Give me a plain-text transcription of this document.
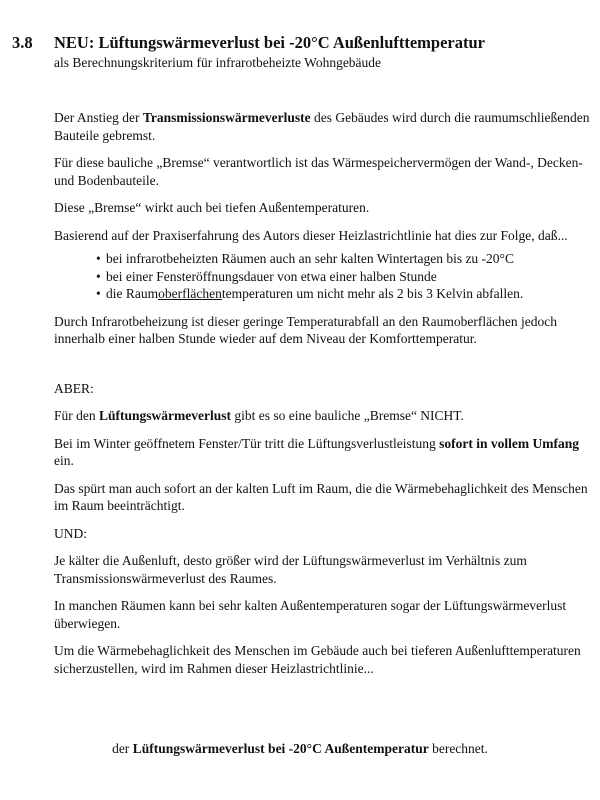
3.8 NEU: Lüftungswärmeverlust bei -20°C Außenlufttemperatur
als Berechnungskriterium für infrarotbeheizte Wohngebäude

Der Anstieg der Transmissionswärmeverluste des Gebäudes wird durch die raumumschließenden Bauteile gebremst.

Für diese bauliche „Bremse“ verantwortlich ist das Wärmespeichervermögen der Wand-, Decken- und Bodenbauteile.

Diese „Bremse“ wirkt auch bei tiefen Außentemperaturen.

Basierend auf der Praxiserfahrung des Autors dieser Heizlastrichtlinie hat dies zur Folge, daß...

• bei infrarotbeheizten Räumen auch an sehr kalten Wintertagen bis zu -20°C
• bei einer Fensteröffnungsdauer von etwa einer halben Stunde
• die Raumoberflächentemperaturen um nicht mehr als 2 bis 3 Kelvin abfallen.

Durch Infrarotbeheizung ist dieser geringe Temperaturabfall an den Raumoberflächen jedoch innerhalb einer halben Stunde wieder auf dem Niveau der Komforttemperatur.

ABER:

Für den Lüftungswärmeverlust gibt es so eine bauliche „Bremse“ NICHT.

Bei im Winter geöffnetem Fenster/Tür tritt die Lüftungsverlustleistung sofort in vollem Umfang ein.

Das spürt man auch sofort an der kalten Luft im Raum, die die Wärmebehaglichkeit des Menschen im Raum beeinträchtigt.

UND:

Je kälter die Außenluft, desto größer wird der Lüftungswärmeverlust im Verhältnis zum Transmissionswärmeverlust des Raumes.

In manchen Räumen kann bei sehr kalten Außentemperaturen sogar der Lüftungswärmeverlust überwiegen.

Um die Wärmebehaglichkeit des Menschen im Gebäude auch bei tieferen Außenlufttemperaturen sicherzustellen, wird im Rahmen dieser Heizlastrichtlinie...

der Lüftungswärmeverlust bei -20°C Außentemperatur berechnet.
